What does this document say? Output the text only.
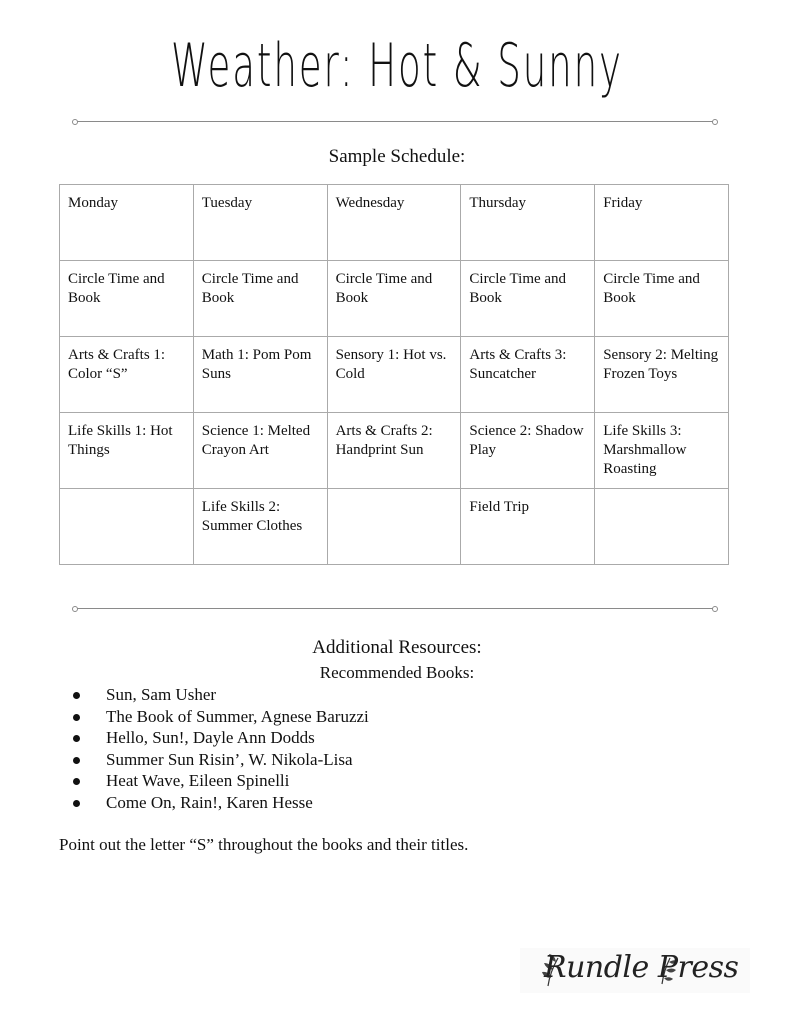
Weather: Hot & Sunny
Sample Schedule:
Monday	Tuesday	Wednesday	Thursday	Friday
Circle Time and Book	Circle Time and Book	Circle Time and Book	Circle Time and Book	Circle Time and Book
Arts & Crafts 1: Color “S”	Math 1: Pom Pom Suns	Sensory 1: Hot vs. Cold	Arts & Crafts 3: Suncatcher	Sensory 2: Melting Frozen Toys
Life Skills 1: Hot Things	Science 1: Melted Crayon Art	Arts & Crafts 2: Handprint Sun	Science 2: Shadow Play	Life Skills 3: Marshmallow Roasting
	Life Skills 2: Summer Clothes		Field Trip	
Additional Resources:
Recommended Books:
Sun, Sam Usher
The Book of Summer, Agnese Baruzzi
Hello, Sun!, Dayle Ann Dodds
Summer Sun Risin’, W. Nikola-Lisa
Heat Wave, Eileen Spinelli
Come On, Rain!, Karen Hesse
Point out the letter “S” throughout the books and their titles.
Rundle Press
